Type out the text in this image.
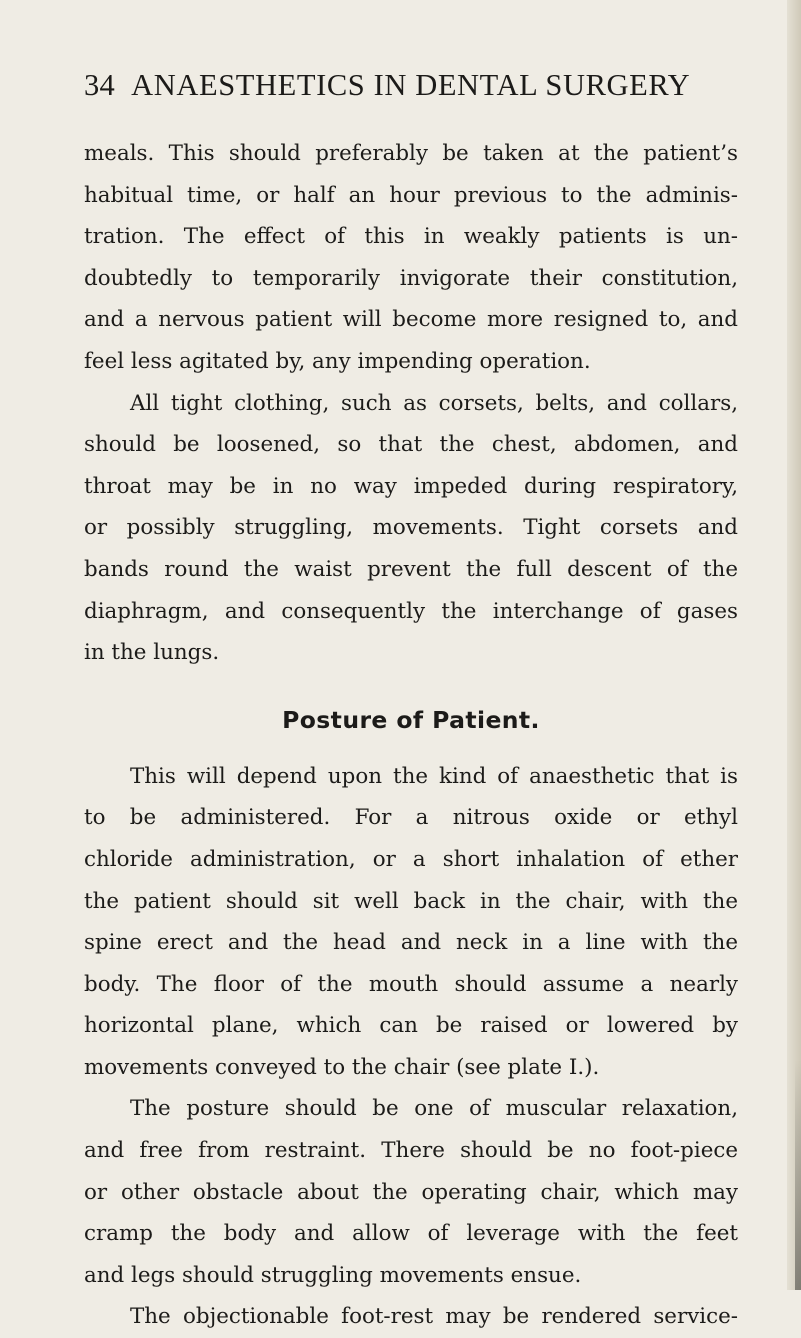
34 ANAESTHETICS IN DENTAL SURGERY
meals. This should preferably be taken at the patient’s
habitual time, or half an hour previous to the adminis-
tration. The effect of this in weakly patients is un-
doubtedly to temporarily invigorate their constitution,
and a nervous patient will become more resigned to, and
feel less agitated by, any impending operation.
All tight clothing, such as corsets, belts, and collars,
should be loosened, so that the chest, abdomen, and
throat may be in no way impeded during respiratory,
or possibly struggling, movements. Tight corsets and
bands round the waist prevent the full descent of the
diaphragm, and consequently the interchange of gases
in the lungs.
Posture of Patient.
This will depend upon the kind of anaesthetic that is
to be administered. For a nitrous oxide or ethyl
chloride administration, or a short inhalation of ether
the patient should sit well back in the chair, with the
spine erect and the head and neck in a line with the
body. The floor of the mouth should assume a nearly
horizontal plane, which can be raised or lowered by
movements conveyed to the chair (see plate I.).
The posture should be one of muscular relaxation,
and free from restraint. There should be no foot-piece
or other obstacle about the operating chair, which may
cramp the body and allow of leverage with the feet
and legs should struggling movements ensue.
The objectionable foot-rest may be rendered service-
